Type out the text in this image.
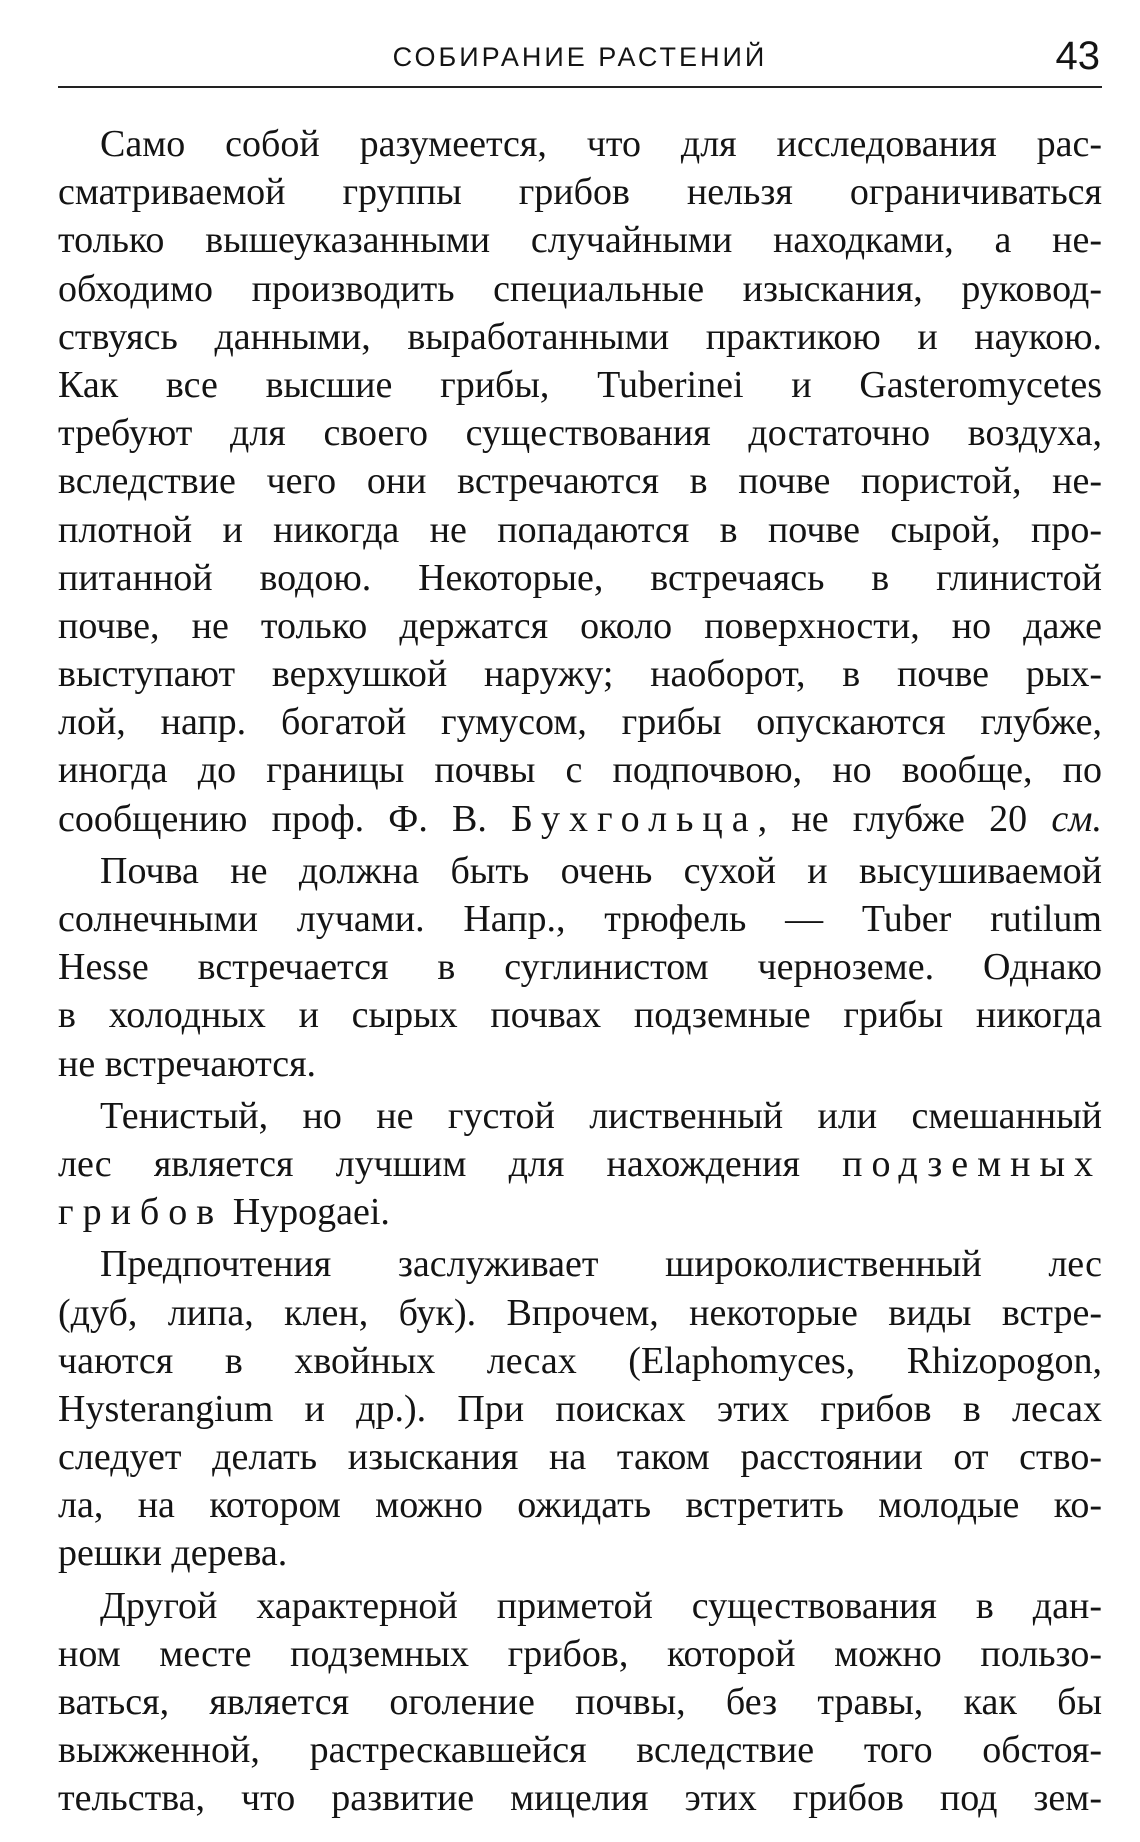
СОБИРАНИЕ РАСТЕНИЙ	43

Само собой разумеется, что для исследования рас-
сматриваемой группы грибов нельзя ограничиваться
только вышеуказанными случайными находками, а не-
обходимо производить специальные изыскания, руковод-
ствуясь данными, выработанными практикою и наукою.
Как все высшие грибы, Tuberinei и Gasteromycetes
требуют для своего существования достаточно воздуха,
вследствие чего они встречаются в почве пористой, не-
плотной и никогда не попадаются в почве сырой, про-
питанной водою. Некоторые, встречаясь в глинистой
почве, не только держатся около поверхности, но даже
выступают верхушкой наружу; наоборот, в почве рых-
лой, напр. богатой гумусом, грибы опускаются глубже,
иногда до границы почвы с подпочвою, но вообще, по
сообщению проф. Ф. В. Бухгольца, не глубже 20 см.

Почва не должна быть очень сухой и высушиваемой
солнечными лучами. Напр., трюфель — Tuber rutilum
Hesse встречается в суглинистом черноземе. Однако
в холодных и сырых почвах подземные грибы никогда
не встречаются.

Тенистый, но не густой лиственный или смешанный
лес является лучшим для нахождения подземных
грибов Hypogaei.

Предпочтения заслуживает широколиственный лес
(дуб, липа, клен, бук). Впрочем, некоторые виды встре-
чаются в хвойных лесах (Elaphomyces, Rhizopogon,
Hysterangium и др.). При поисках этих грибов в лесах
следует делать изыскания на таком расстоянии от ство-
ла, на котором можно ожидать встретить молодые ко-
решки дерева.

Другой характерной приметой существования в дан-
ном месте подземных грибов, которой можно пользо-
ваться, является оголение почвы, без травы, как бы
выжженной, растрескавшейся вследствие того обстоя-
тельства, что развитие мицелия этих грибов под зем-
